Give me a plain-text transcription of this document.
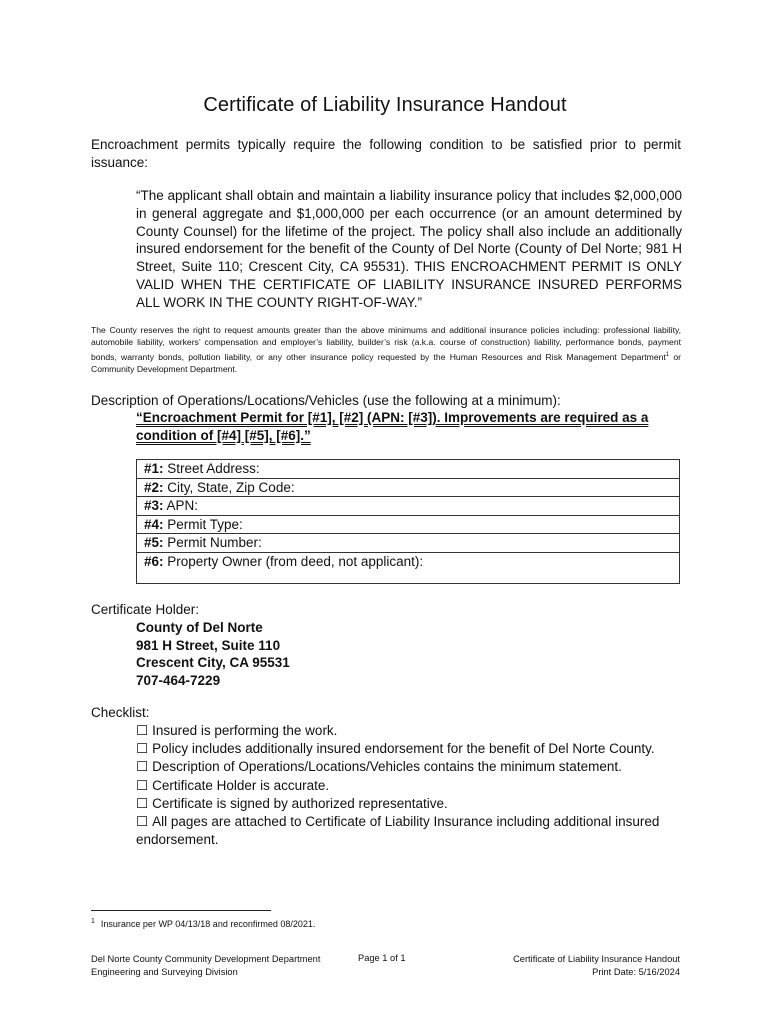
Certificate of Liability Insurance Handout
Encroachment permits typically require the following condition to be satisfied prior to permit issuance:
“The applicant shall obtain and maintain a liability insurance policy that includes $2,000,000 in general aggregate and $1,000,000 per each occurrence (or an amount determined by County Counsel) for the lifetime of the project. The policy shall also include an additionally insured endorsement for the benefit of the County of Del Norte (County of Del Norte; 981 H Street, Suite 110; Crescent City, CA 95531). THIS ENCROACHMENT PERMIT IS ONLY VALID WHEN THE CERTIFICATE OF LIABILITY INSURANCE INSURED PERFORMS ALL WORK IN THE COUNTY RIGHT-OF-WAY.”
The County reserves the right to request amounts greater than the above minimums and additional insurance policies including: professional liability, automobile liability, workers’ compensation and employer’s liability, builder’s risk (a.k.a. course of construction) liability, performance bonds, payment bonds, warranty bonds, pollution liability, or any other insurance policy requested by the Human Resources and Risk Management Department$^1$ or Community Development Department.
Description of Operations/Locations/Vehicles (use the following at a minimum):
“Encroachment Permit for [#1], [#2] (APN: [#3]). Improvements are required as a condition of [#4] [#5], [#6].”
#1: Street Address:
#2: City, State, Zip Code:
#3: APN:
#4: Permit Type:
#5: Permit Number:
#6: Property Owner (from deed, not applicant):
Certificate Holder:
County of Del Norte
981 H Street, Suite 110
Crescent City, CA 95531
707-464-7229
Checklist:
☐ Insured is performing the work.
☐ Policy includes additionally insured endorsement for the benefit of Del Norte County.
☐ Description of Operations/Locations/Vehicles contains the minimum statement.
☐ Certificate Holder is accurate.
☐ Certificate is signed by authorized representative.
☐ All pages are attached to Certificate of Liability Insurance including additional insured endorsement.
$^1$ Insurance per WP 04/13/18 and reconfirmed 08/2021.
Del Norte County Community Development Department
Engineering and Surveying Division
Page 1 of 1	Certificate of Liability Insurance Handout
Print Date: 5/16/2024
